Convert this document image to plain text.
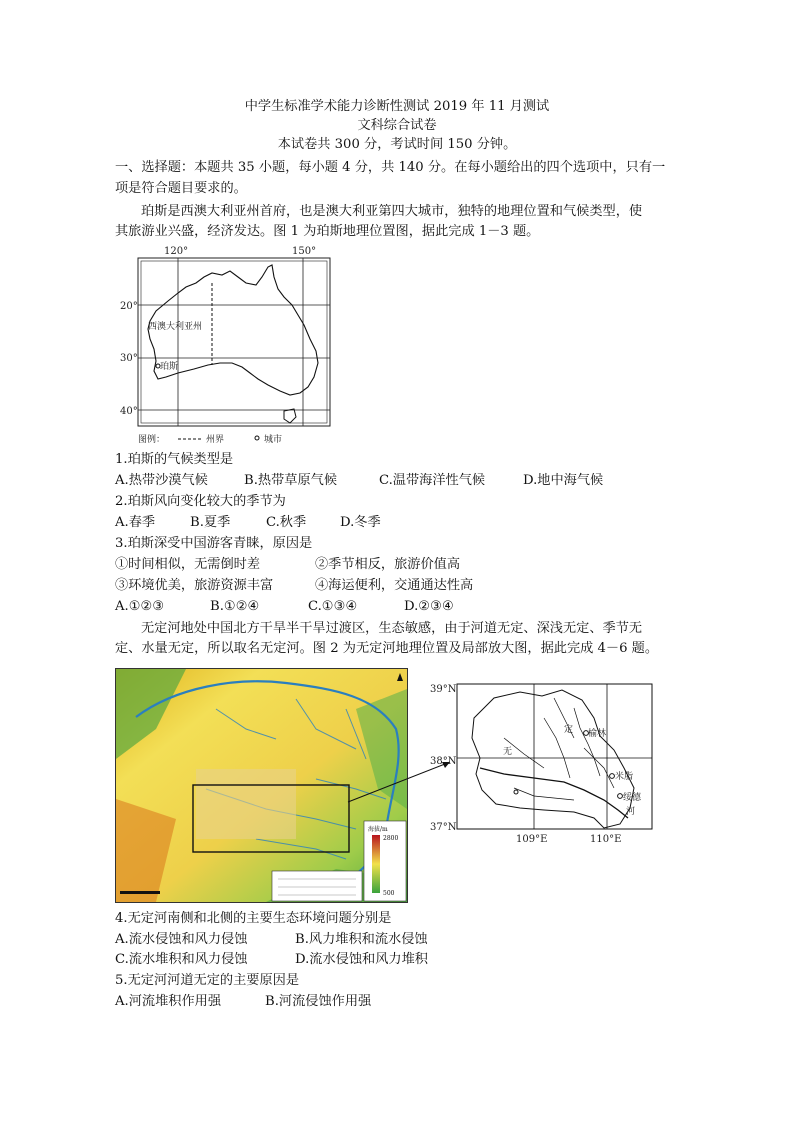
中学生标准学术能力诊断性测试 2019 年 11 月测试
文科综合试卷
本试卷共 300 分，考试时间 150 分钟。
一、选择题：本题共 35 小题，每小题 4 分，共 140 分。在每小题给出的四个选项中，只有一
项是符合题目要求的。
珀斯是西澳大利亚州首府，也是澳大利亚第四大城市，独特的地理位置和气候类型，使
其旅游业兴盛，经济发达。图 1 为珀斯地理位置图，据此完成 1－3 题。
120°	150°
20°
30°
40°
西澳大利亚州
珀斯
图例：	州界	城市
1.珀斯的气候类型是
A.热带沙漠气候	B.热带草原气候	C.温带海洋性气候	D.地中海气候
2.珀斯风向变化较大的季节为
A.春季	B.夏季	C.秋季	D.冬季
3.珀斯深受中国游客青睐，原因是
①时间相似，无需倒时差	②季节相反，旅游价值高
③环境优美，旅游资源丰富	④海运便利，交通通达性高
A.①②③	B.①②④	C.①③④	D.②③④
无定河地处中国北方干旱半干旱过渡区，生态敏感，由于河道无定、深浅无定、季节无
定、水量无定，所以取名无定河。图 2 为无定河地理位置及局部放大图，据此完成 4－6 题。
海拔/m
2800
500
39°N
38°N
37°N
109°E	110°E
无
定 榆林
米脂
绥德
河
4.无定河南侧和北侧的主要生态环境问题分别是
A.流水侵蚀和风力侵蚀	B.风力堆积和流水侵蚀
C.流水堆积和风力侵蚀	D.流水侵蚀和风力堆积
5.无定河河道无定的主要原因是
A.河流堆积作用强	B.河流侵蚀作用强
